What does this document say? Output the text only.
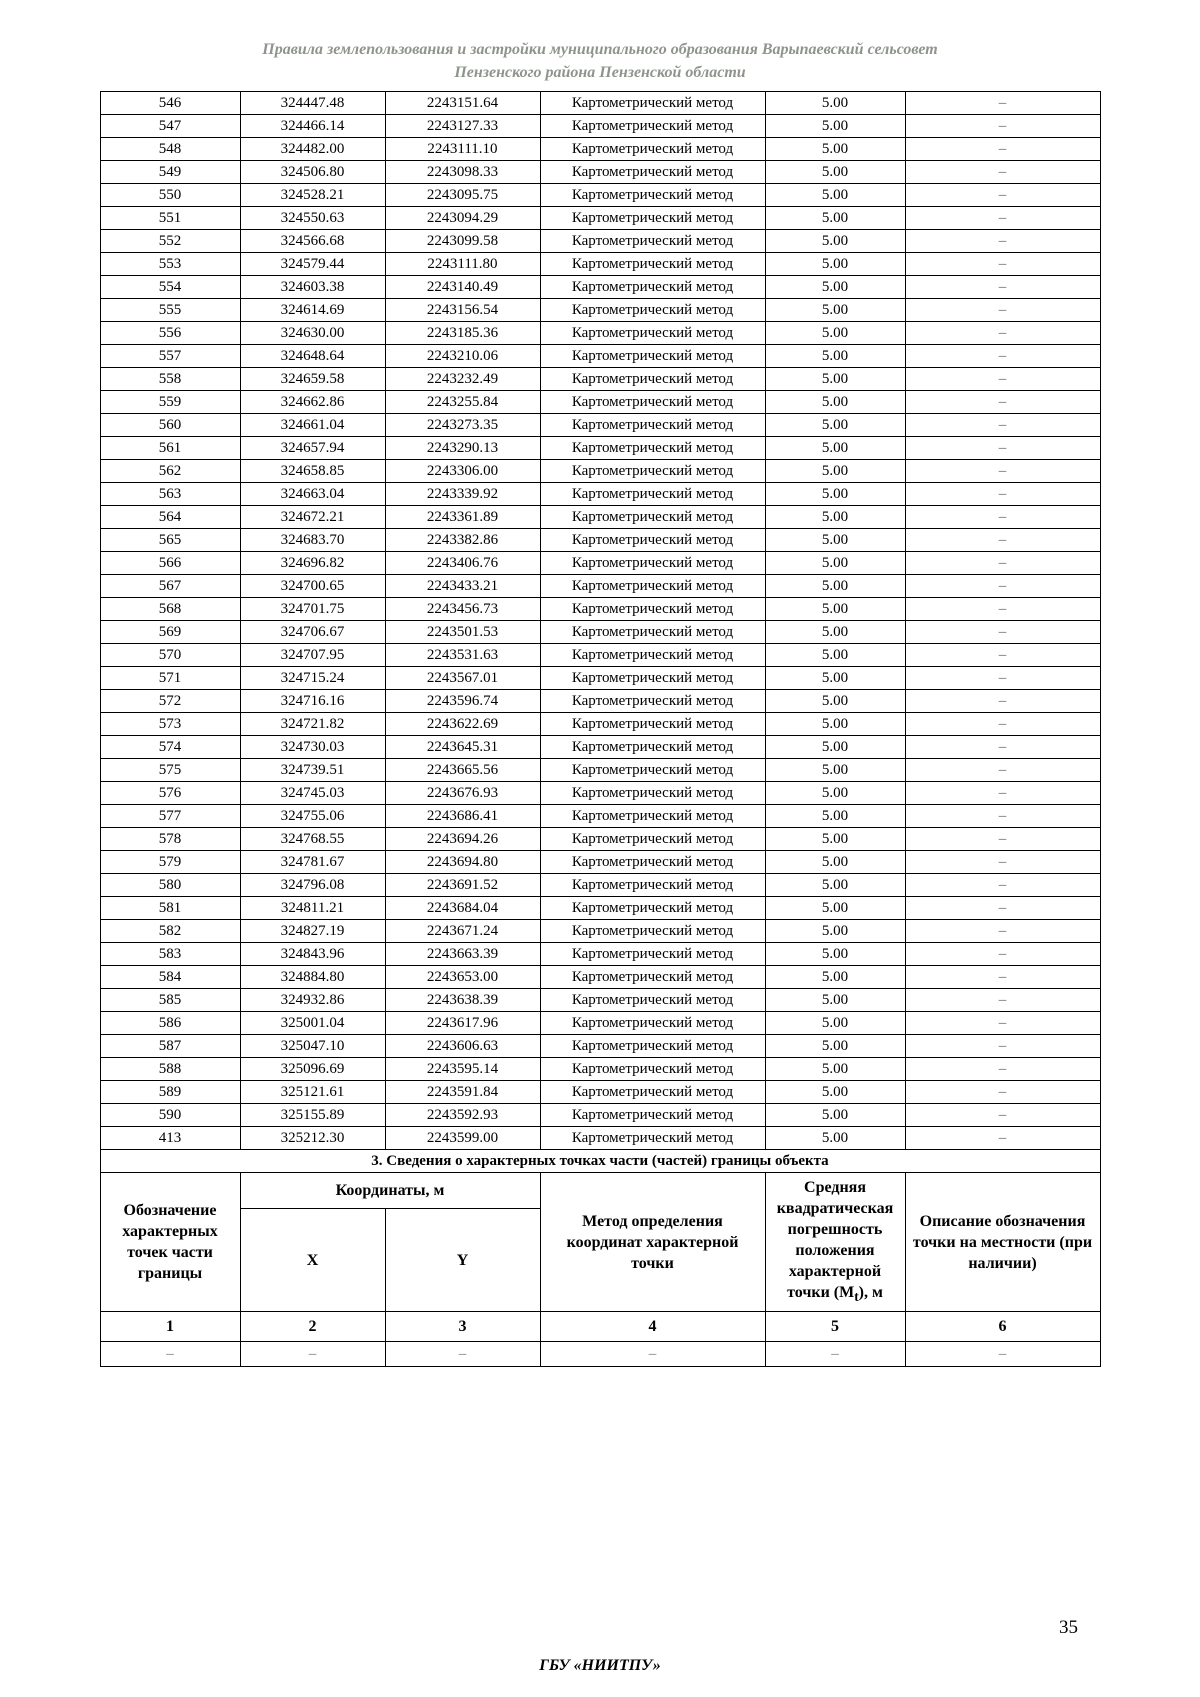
Правила землепользования и застройки муниципального образования Варыпаевский сельсовет
Пензенского района Пензенской области
546	324447.48	2243151.64	Картометрический метод	5.00	–
547	324466.14	2243127.33	Картометрический метод	5.00	–
548	324482.00	2243111.10	Картометрический метод	5.00	–
549	324506.80	2243098.33	Картометрический метод	5.00	–
550	324528.21	2243095.75	Картометрический метод	5.00	–
551	324550.63	2243094.29	Картометрический метод	5.00	–
552	324566.68	2243099.58	Картометрический метод	5.00	–
553	324579.44	2243111.80	Картометрический метод	5.00	–
554	324603.38	2243140.49	Картометрический метод	5.00	–
555	324614.69	2243156.54	Картометрический метод	5.00	–
556	324630.00	2243185.36	Картометрический метод	5.00	–
557	324648.64	2243210.06	Картометрический метод	5.00	–
558	324659.58	2243232.49	Картометрический метод	5.00	–
559	324662.86	2243255.84	Картометрический метод	5.00	–
560	324661.04	2243273.35	Картометрический метод	5.00	–
561	324657.94	2243290.13	Картометрический метод	5.00	–
562	324658.85	2243306.00	Картометрический метод	5.00	–
563	324663.04	2243339.92	Картометрический метод	5.00	–
564	324672.21	2243361.89	Картометрический метод	5.00	–
565	324683.70	2243382.86	Картометрический метод	5.00	–
566	324696.82	2243406.76	Картометрический метод	5.00	–
567	324700.65	2243433.21	Картометрический метод	5.00	–
568	324701.75	2243456.73	Картометрический метод	5.00	–
569	324706.67	2243501.53	Картометрический метод	5.00	–
570	324707.95	2243531.63	Картометрический метод	5.00	–
571	324715.24	2243567.01	Картометрический метод	5.00	–
572	324716.16	2243596.74	Картометрический метод	5.00	–
573	324721.82	2243622.69	Картометрический метод	5.00	–
574	324730.03	2243645.31	Картометрический метод	5.00	–
575	324739.51	2243665.56	Картометрический метод	5.00	–
576	324745.03	2243676.93	Картометрический метод	5.00	–
577	324755.06	2243686.41	Картометрический метод	5.00	–
578	324768.55	2243694.26	Картометрический метод	5.00	–
579	324781.67	2243694.80	Картометрический метод	5.00	–
580	324796.08	2243691.52	Картометрический метод	5.00	–
581	324811.21	2243684.04	Картометрический метод	5.00	–
582	324827.19	2243671.24	Картометрический метод	5.00	–
583	324843.96	2243663.39	Картометрический метод	5.00	–
584	324884.80	2243653.00	Картометрический метод	5.00	–
585	324932.86	2243638.39	Картометрический метод	5.00	–
586	325001.04	2243617.96	Картометрический метод	5.00	–
587	325047.10	2243606.63	Картометрический метод	5.00	–
588	325096.69	2243595.14	Картометрический метод	5.00	–
589	325121.61	2243591.84	Картометрический метод	5.00	–
590	325155.89	2243592.93	Картометрический метод	5.00	–
413	325212.30	2243599.00	Картометрический метод	5.00	–
3. Сведения о характерных точках части (частей) границы объекта					
Обозначение характерных точек части границы	Координаты, м		Метод определения координат характерной точки	Средняя квадратическая погрешность положения характерной точки $(М_t)$, м	Описание обозначения точки на местности (при наличии)
	X	Y			
1	2	3	4	5	6
–	–	–	–	–	–
35
ГБУ «НИИТПУ»
